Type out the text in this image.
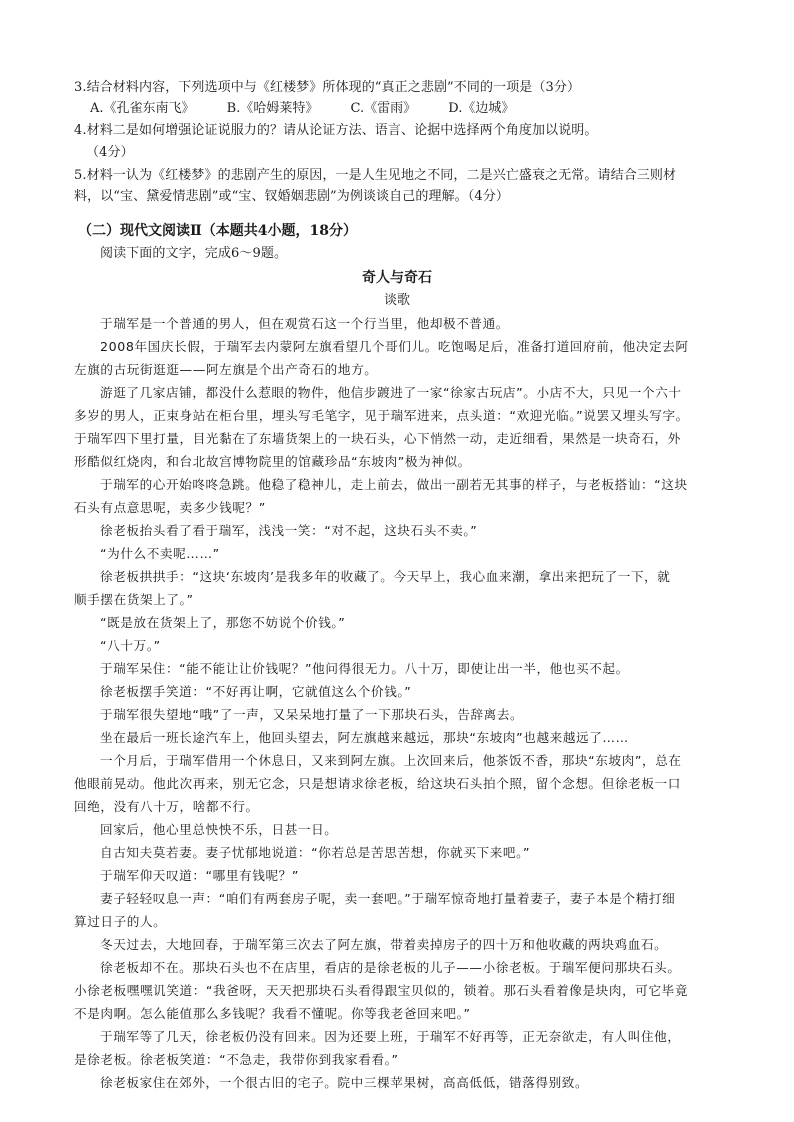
3.结合材料内容，下列选项中与《红楼梦》所体现的“真正之悲剧”不同的一项是（3分）
A.《孔雀东南飞》 B.《哈姆莱特》 C.《雷雨》 D.《边城》
4.材料二是如何增强论证说服力的？请从论证方法、语言、论据中选择两个角度加以说明。
（4分）
5.材料一认为《红楼梦》的悲剧产生的原因，一是人生见地之不同，二是兴亡盛衰之无常。请结合三则材
料，以“宝、黛爱情悲剧”或“宝、钗婚姻悲剧”为例谈谈自己的理解。（4分）
（二）现代文阅读Ⅱ（本题共4小题，18分）
阅读下面的文字，完成6～9题。
奇人与奇石
谈歌
于瑞军是一个普通的男人，但在观赏石这一个行当里，他却极不普通。
2008年国庆长假，于瑞军去内蒙阿左旗看望几个哥们儿。吃饱喝足后，准备打道回府前，他决定去阿
左旗的古玩街逛逛——阿左旗是个出产奇石的地方。
游逛了几家店铺，都没什么惹眼的物件，他信步踱进了一家“徐家古玩店”。小店不大，只见一个六十
多岁的男人，正束身站在柜台里，埋头写毛笔字，见于瑞军进来，点头道：“欢迎光临。”说罢又埋头写字。
于瑞军四下里打量，目光黏在了东墙货架上的一块石头，心下悄然一动，走近细看，果然是一块奇石，外
形酷似红烧肉，和台北故宫博物院里的馆藏珍品“东坡肉”极为神似。
于瑞军的心开始咚咚急跳。他稳了稳神儿，走上前去，做出一副若无其事的样子，与老板搭讪：“这块
石头有点意思呢，卖多少钱呢？”
徐老板抬头看了看于瑞军，浅浅一笑：“对不起，这块石头不卖。”
“为什么不卖呢……”
徐老板拱拱手：“这块‘东坡肉’是我多年的收藏了。今天早上，我心血来潮，拿出来把玩了一下，就
顺手摆在货架上了。”
“既是放在货架上了，那您不妨说个价钱。”
“八十万。”
于瑞军呆住：“能不能让让价钱呢？”他问得很无力。八十万，即使让出一半，他也买不起。
徐老板摆手笑道：“不好再让啊，它就值这么个价钱。”
于瑞军很失望地“哦”了一声，又呆呆地打量了一下那块石头，告辞离去。
坐在最后一班长途汽车上，他回头望去，阿左旗越来越远，那块“东坡肉”也越来越远了……
一个月后，于瑞军借用一个休息日，又来到阿左旗。上次回来后，他茶饭不香，那块“东坡肉”，总在
他眼前晃动。他此次再来，别无它念，只是想请求徐老板，给这块石头拍个照，留个念想。但徐老板一口
回绝，没有八十万，啥都不行。
回家后，他心里总怏怏不乐，日甚一日。
自古知夫莫若妻。妻子忧郁地说道：“你若总是苦思苦想，你就买下来吧。”
于瑞军仰天叹道：“哪里有钱呢？”
妻子轻轻叹息一声：“咱们有两套房子呢，卖一套吧。”于瑞军惊奇地打量着妻子，妻子本是个精打细
算过日子的人。
冬天过去，大地回春，于瑞军第三次去了阿左旗，带着卖掉房子的四十万和他收藏的两块鸡血石。
徐老板却不在。那块石头也不在店里，看店的是徐老板的儿子——小徐老板。于瑞军便问那块石头。
小徐老板嘿嘿讥笑道：“我爸呀，天天把那块石头看得跟宝贝似的，锁着。那石头看着像是块肉，可它毕竟
不是肉啊。怎么能值那么多钱呢？我看不懂呢。你等我老爸回来吧。”
于瑞军等了几天，徐老板仍没有回来。因为还要上班，于瑞军不好再等，正无奈欲走，有人叫住他，
是徐老板。徐老板笑道：“不急走，我带你到我家看看。”
徐老板家住在郊外，一个很古旧的宅子。院中三棵苹果树，高高低低，错落得别致。
